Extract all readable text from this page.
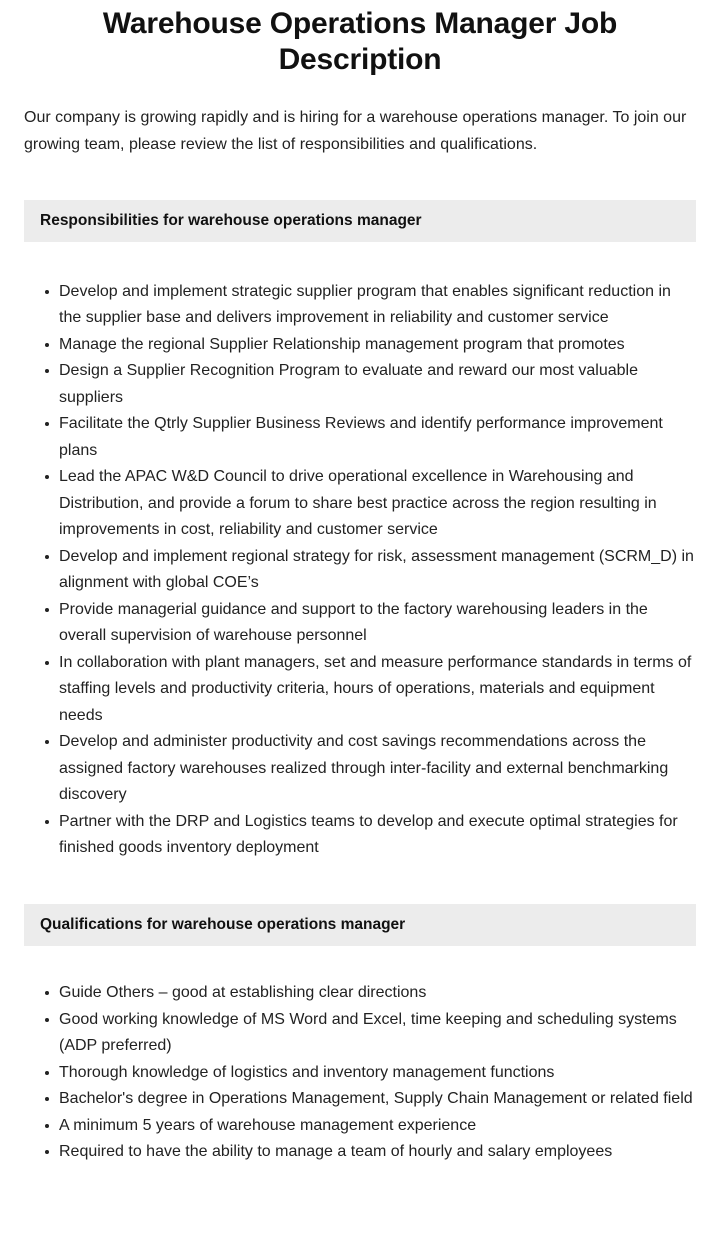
Warehouse Operations Manager Job Description

Our company is growing rapidly and is hiring for a warehouse operations manager. To join our growing team, please review the list of responsibilities and qualifications.

Responsibilities for warehouse operations manager
Develop and implement strategic supplier program that enables significant reduction in the supplier base and delivers improvement in reliability and customer service
Manage the regional Supplier Relationship management program that promotes
Design a Supplier Recognition Program to evaluate and reward our most valuable suppliers
Facilitate the Qtrly Supplier Business Reviews and identify performance improvement plans
Lead the APAC W&D Council to drive operational excellence in Warehousing and Distribution, and provide a forum to share best practice across the region resulting in improvements in cost, reliability and customer service
Develop and implement regional strategy for risk, assessment management (SCRM_D) in alignment with global COE’s
Provide managerial guidance and support to the factory warehousing leaders in the overall supervision of warehouse personnel
In collaboration with plant managers, set and measure performance standards in terms of staffing levels and productivity criteria, hours of operations, materials and equipment needs
Develop and administer productivity and cost savings recommendations across the assigned factory warehouses realized through inter-facility and external benchmarking discovery
Partner with the DRP and Logistics teams to develop and execute optimal strategies for finished goods inventory deployment
Qualifications for warehouse operations manager
Guide Others – good at establishing clear directions
Good working knowledge of MS Word and Excel, time keeping and scheduling systems (ADP preferred)
Thorough knowledge of logistics and inventory management functions
Bachelor's degree in Operations Management, Supply Chain Management or related field
A minimum 5 years of warehouse management experience
Required to have the ability to manage a team of hourly and salary employees
